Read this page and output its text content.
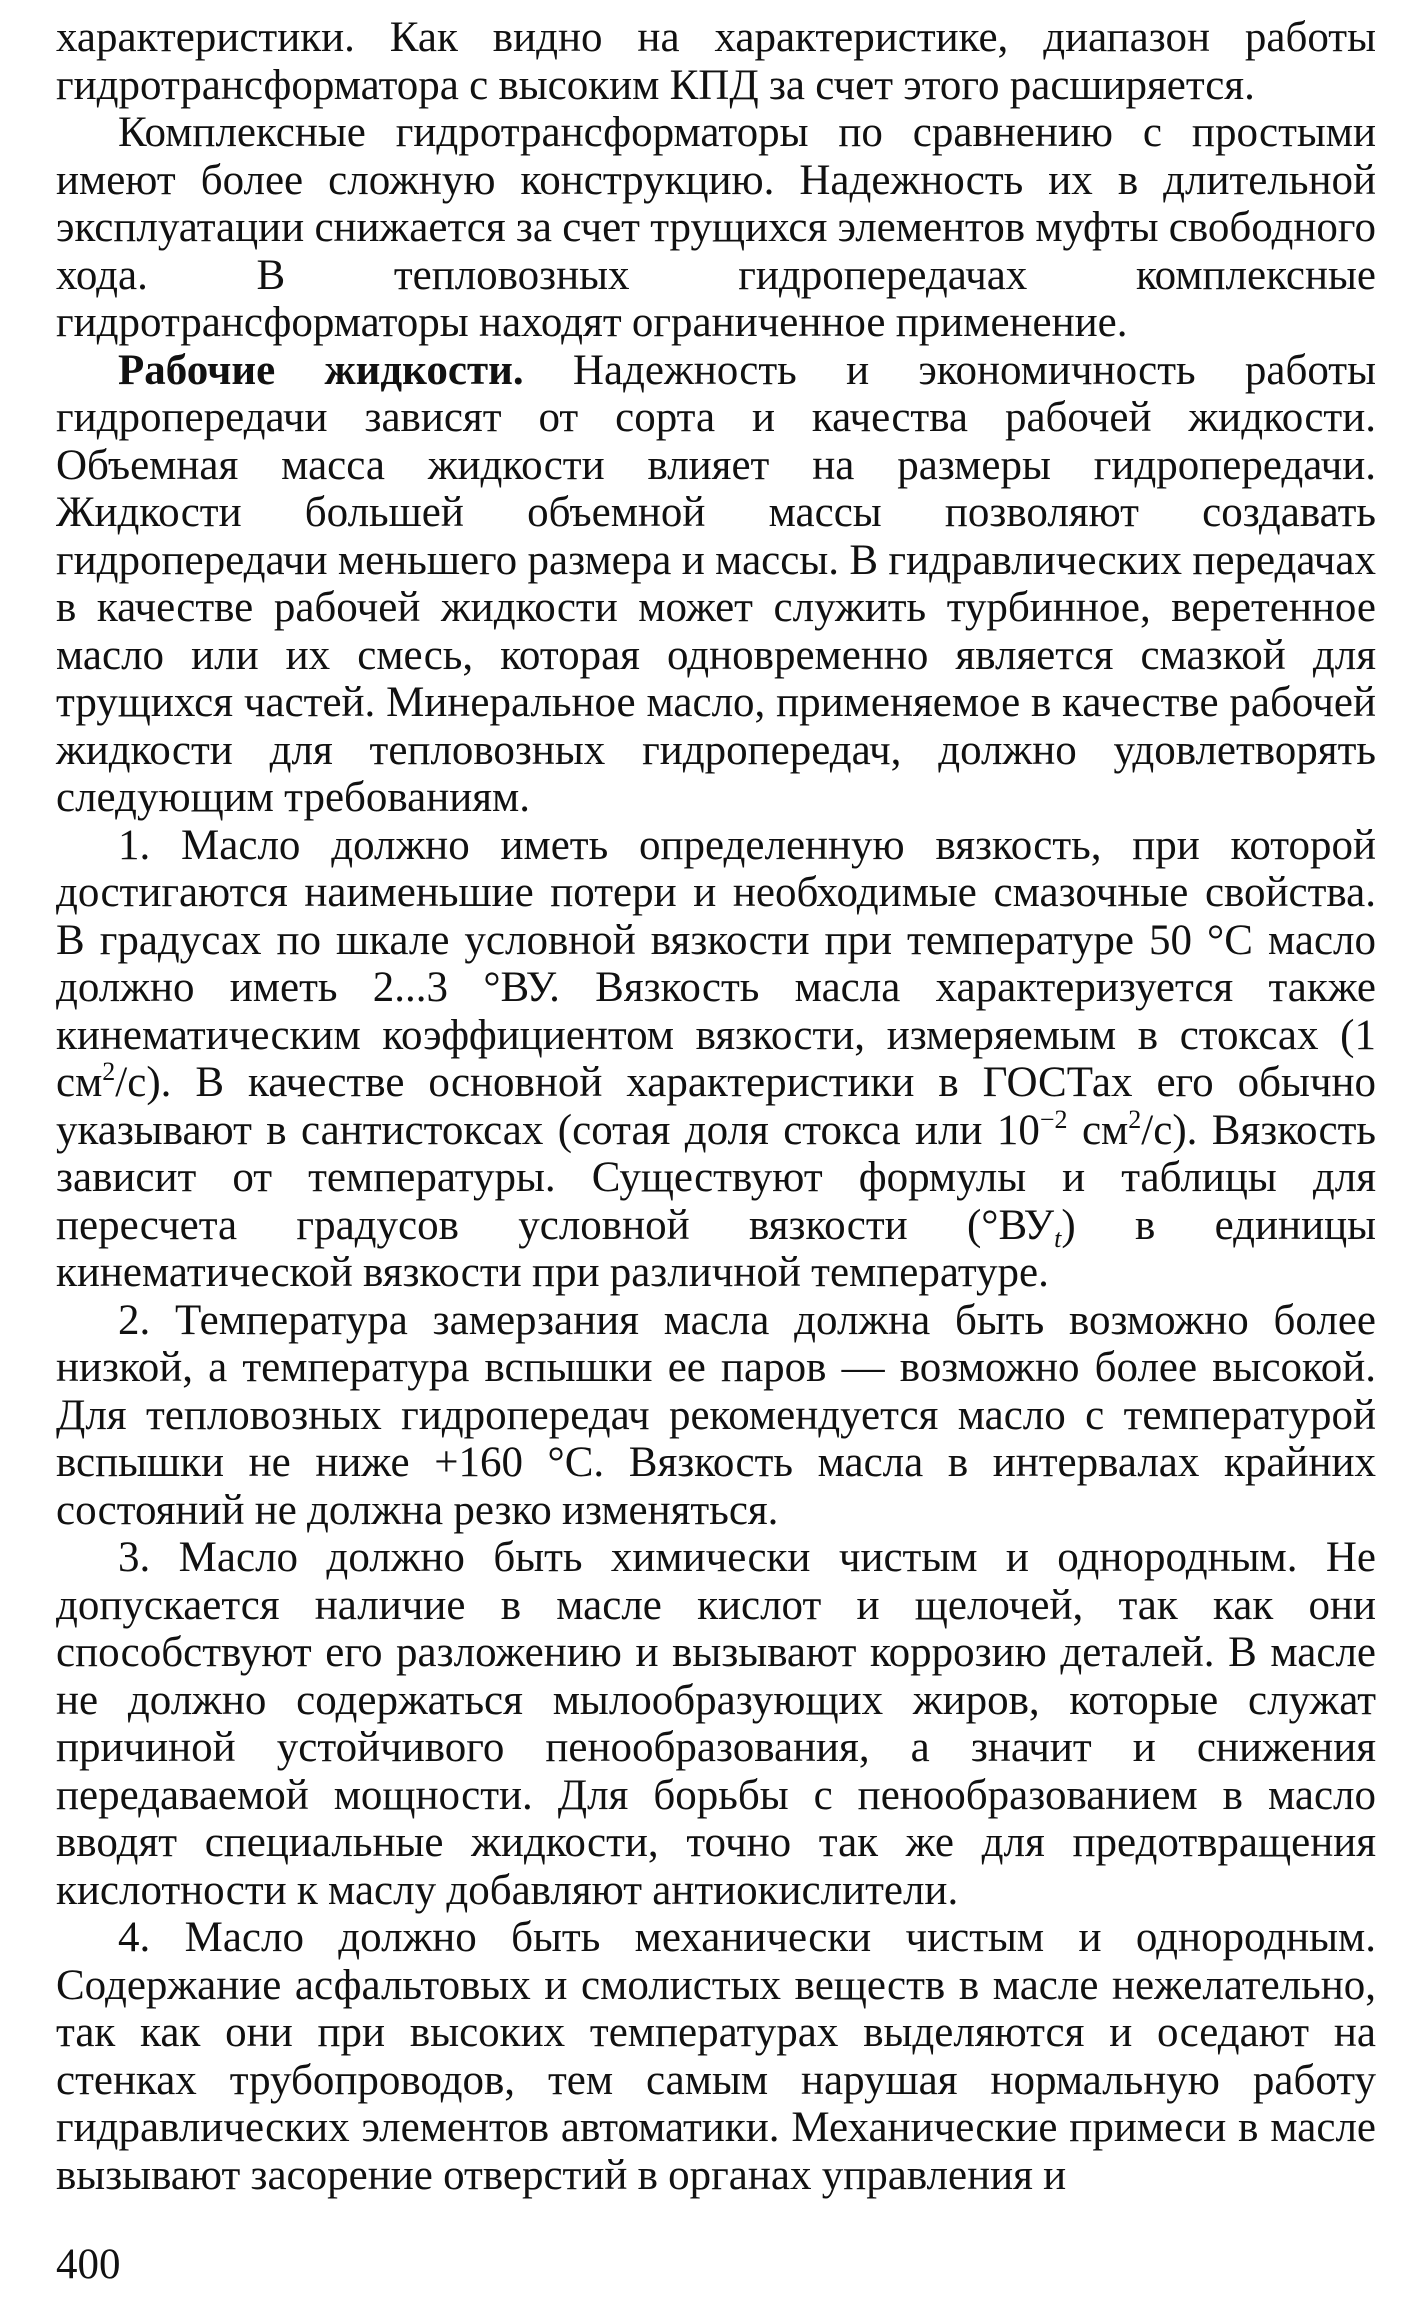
характеристики. Как видно на характеристике, диапазон работы гидротрансформатора с высоким КПД за счет этого расширяется.

Комплексные гидротрансформаторы по сравнению с простыми имеют более сложную конструкцию. Надежность их в длительной эксплуатации снижается за счет трущихся элементов муфты свободного хода. В тепловозных гидропередачах комплексные гидротрансформаторы находят ограниченное применение.

Рабочие жидкости. Надежность и экономичность работы гидропередачи зависят от сорта и качества рабочей жидкости. Объемная масса жидкости влияет на размеры гидропередачи. Жидкости большей объемной массы позволяют создавать гидропередачи меньшего размера и массы. В гидравлических передачах в качестве рабочей жидкости может служить турбинное, веретенное масло или их смесь, которая одновременно является смазкой для трущихся частей. Минеральное масло, применяемое в качестве рабочей жидкости для тепловозных гидропередач, должно удовлетворять следующим требованиям.

1. Масло должно иметь определенную вязкость, при которой достигаются наименьшие потери и необходимые смазочные свойства. В градусах по шкале условной вязкости при температуре 50 °С масло должно иметь 2...3 °ВУ. Вязкость масла характеризуется также кинематическим коэффициентом вязкости, измеряемым в стоксах (1 $см^2/с$). В качестве основной характеристики в ГОСТах его обычно указывают в сантистоксах (сотая доля стокса или $10^{-2}$ $см^2/с$). Вязкость зависит от температуры. Существуют формулы и таблицы для пересчета градусов условной вязкости $(^\circ ВУ_t)$ в единицы кинематической вязкости при различной температуре.

2. Температура замерзания масла должна быть возможно более низкой, а температура вспышки ее паров — возможно более высокой. Для тепловозных гидропередач рекомендуется масло с температурой вспышки не ниже +160 °С. Вязкость масла в интервалах крайних состояний не должна резко изменяться.

3. Масло должно быть химически чистым и однородным. Не допускается наличие в масле кислот и щелочей, так как они способствуют его разложению и вызывают коррозию деталей. В масле не должно содержаться мылообразующих жиров, которые служат причиной устойчивого пенообразования, а значит и снижения передаваемой мощности. Для борьбы с пенообразованием в масло вводят специальные жидкости, точно так же для предотвращения кислотности к маслу добавляют антиокислители.

4. Масло должно быть механически чистым и однородным. Содержание асфальтовых и смолистых веществ в масле нежелательно, так как они при высоких температурах выделяются и оседают на стенках трубопроводов, тем самым нарушая нормальную работу гидравлических элементов автоматики. Механические примеси в масле вызывают засорение отверстий в органах управления и

400
